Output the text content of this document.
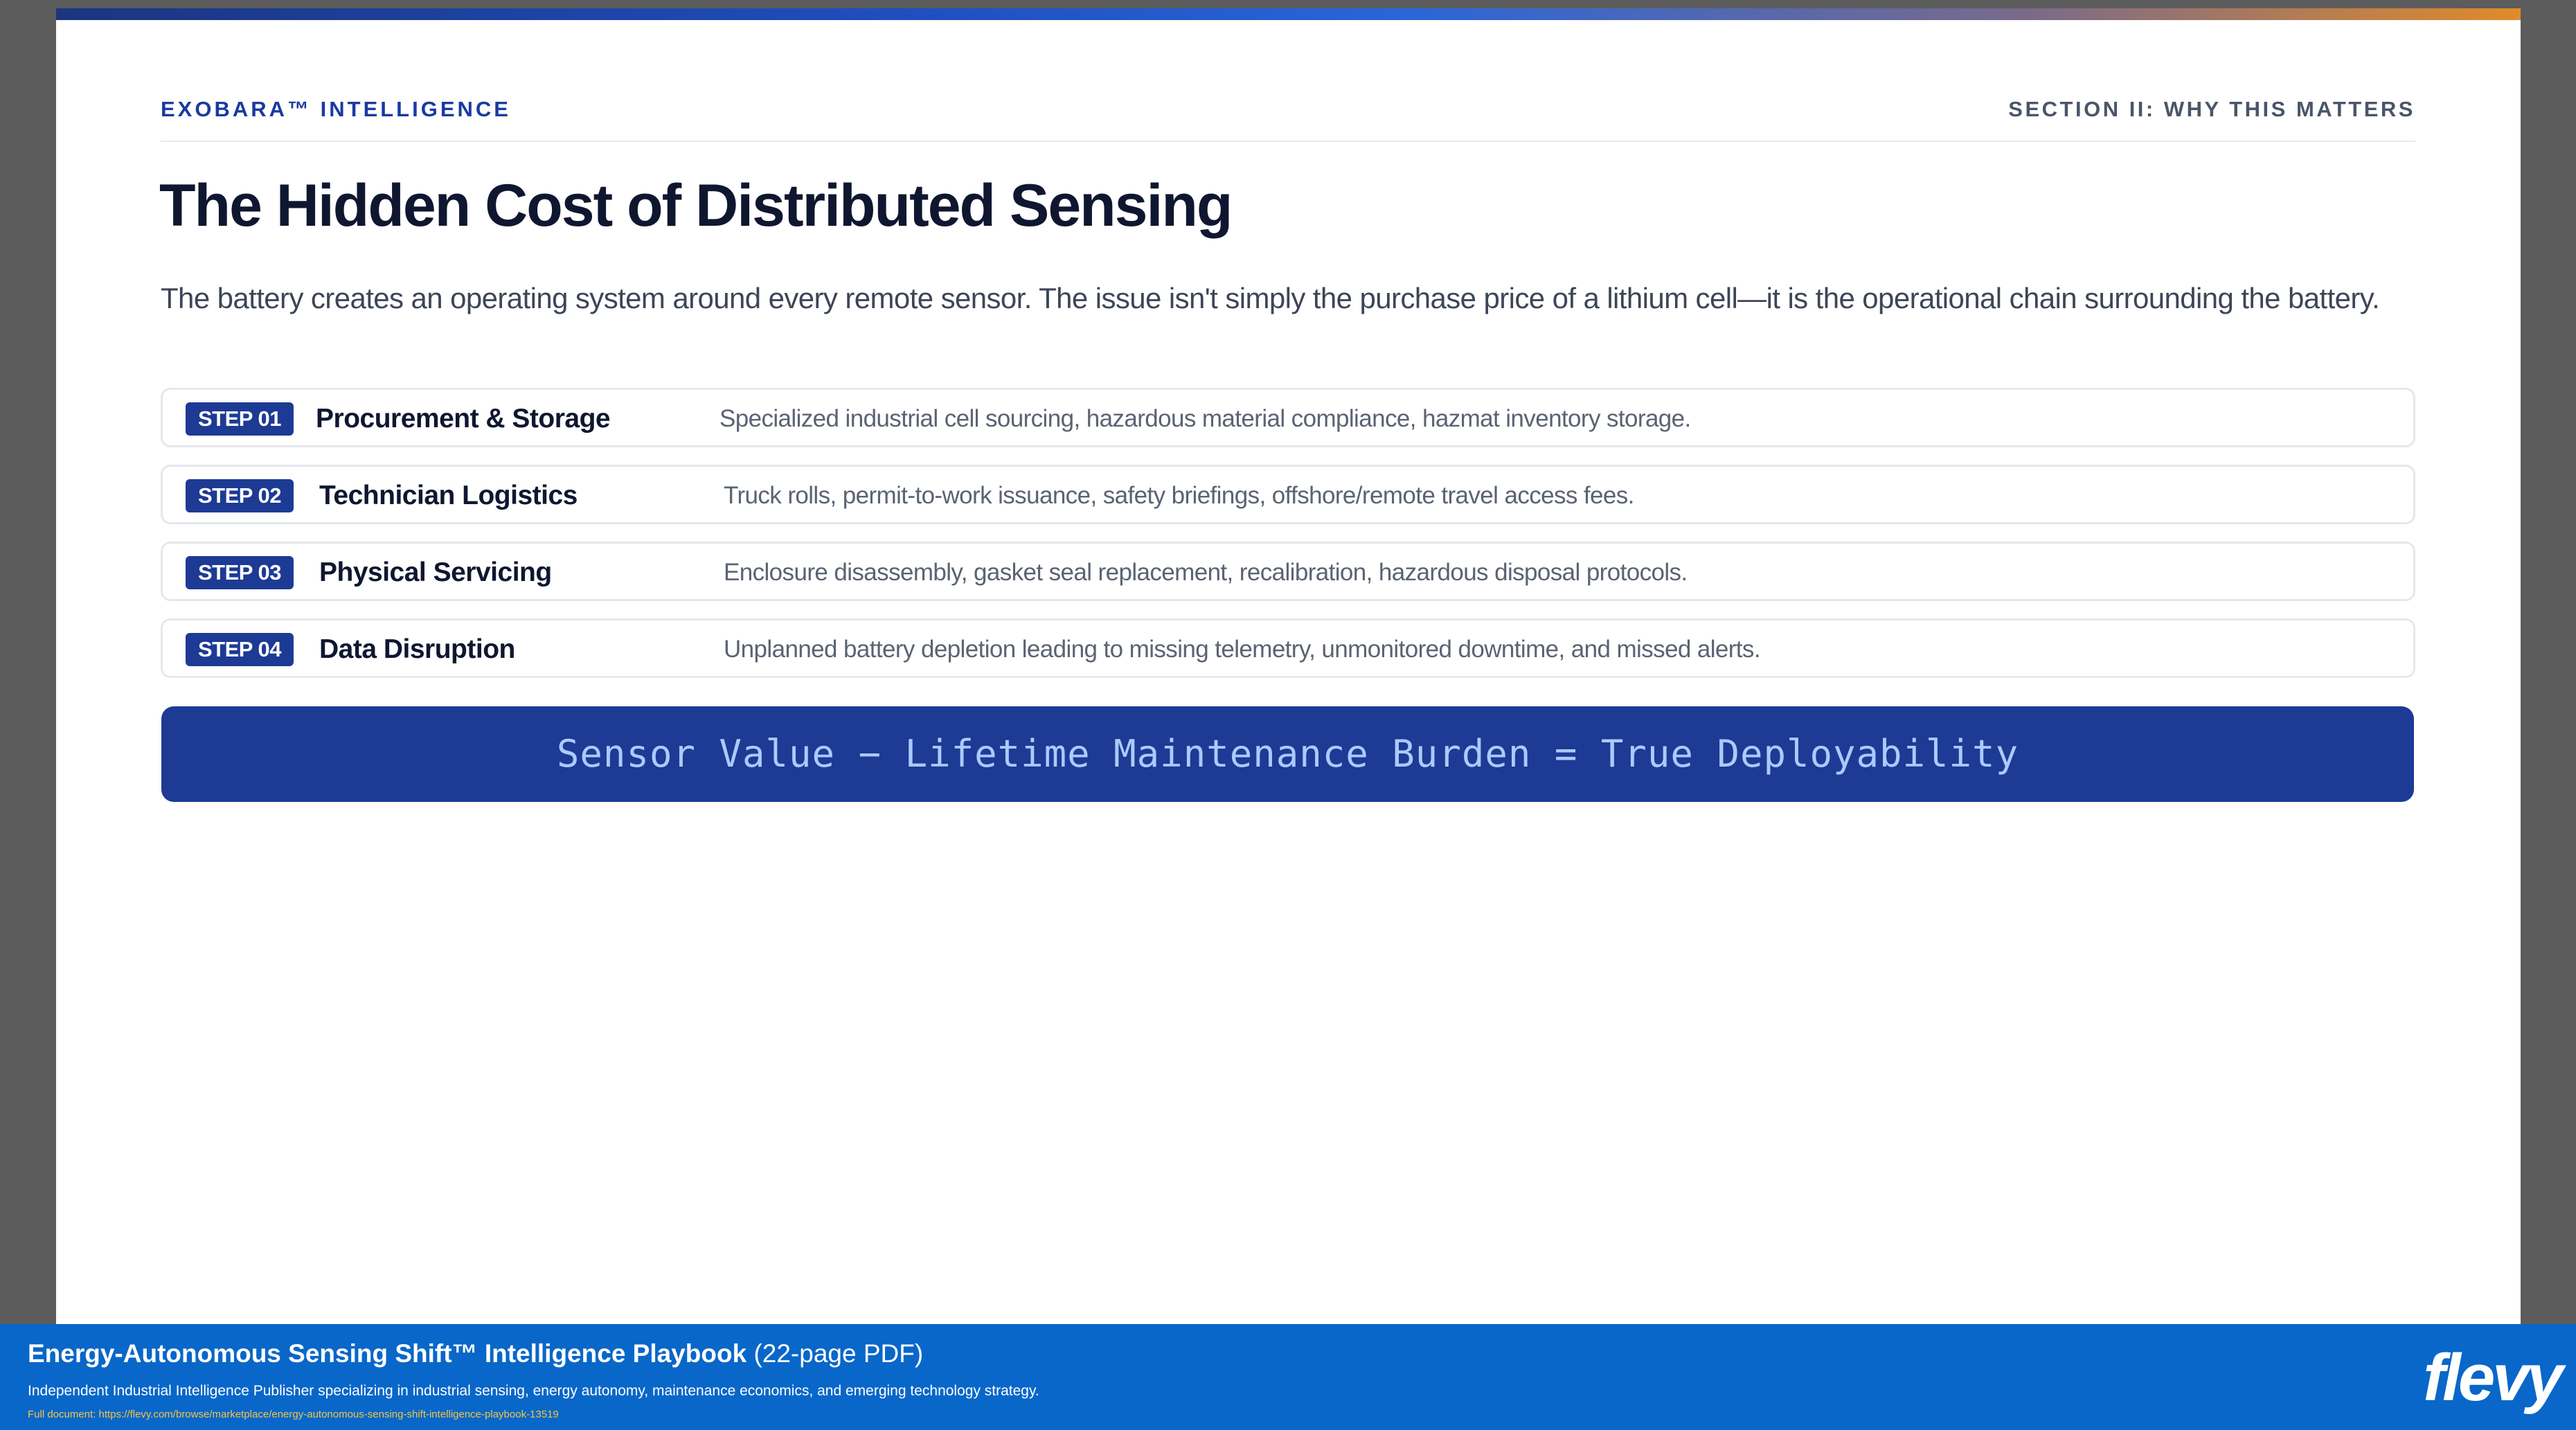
EXOBARA™ INTELLIGENCE	SECTION II: WHY THIS MATTERS
The Hidden Cost of Distributed Sensing

The battery creates an operating system around every remote sensor. The issue isn't simply the purchase price of a lithium cell—it is the operational chain surrounding the battery.

STEP 01	Procurement & Storage	Specialized industrial cell sourcing, hazardous material compliance, hazmat inventory storage.
STEP 02	Technician Logistics	Truck rolls, permit-to-work issuance, safety briefings, offshore/remote travel access fees.
STEP 03	Physical Servicing	Enclosure disassembly, gasket seal replacement, recalibration, hazardous disposal protocols.
STEP 04	Data Disruption	Unplanned battery depletion leading to missing telemetry, unmonitored downtime, and missed alerts.
Sensor Value − Lifetime Maintenance Burden = True Deployability
Energy-Autonomous Sensing Shift™ Intelligence Playbook (22-page PDF)
Independent Industrial Intelligence Publisher specializing in industrial sensing, energy autonomy, maintenance economics, and emerging technology strategy.
Full document: https://flevy.com/browse/marketplace/energy-autonomous-sensing-shift-intelligence-playbook-13519	flevy
